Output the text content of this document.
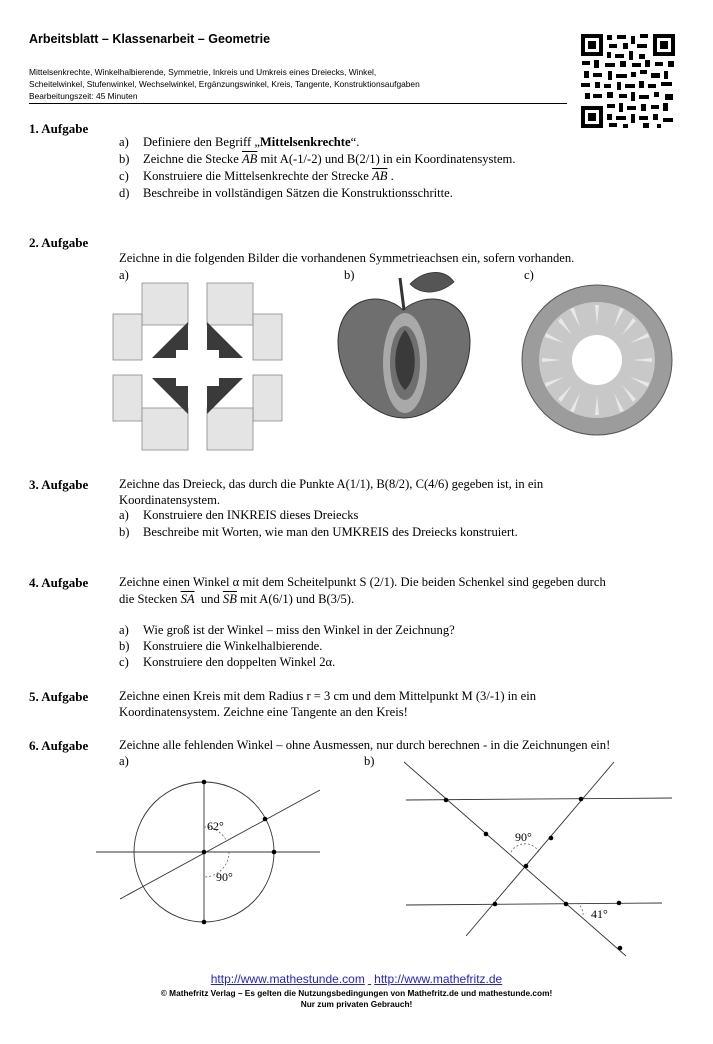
Arbeitsblatt – Klassenarbeit – Geometrie
Mittelsenkrechte, Winkelhalbierende, Symmetrie, Inkreis und Umkreis eines Dreiecks, Winkel,
Scheitelwinkel, Stufenwinkel, Wechselwinkel, Ergänzungswinkel, Kreis, Tangente, Konstruktionsaufgaben
Bearbeitungszeit: 45 Minuten
1. Aufgabe
a) Definiere den Begriff „Mittelsenkrechte“.
b) Zeichne die Stecke $\overline{AB}$ mit A(-1/-2) und B(2/1) in ein Koordinatensystem.
c) Konstruiere die Mittelsenkrechte der Strecke $\overline{AB}$ .
d) Beschreibe in vollständigen Sätzen die Konstruktionsschritte.
2. Aufgabe
Zeichne in die folgenden Bilder die vorhandenen Symmetrieachsen ein, sofern vorhanden.
a)	b)	c)
3. Aufgabe Zeichne das Dreieck, das durch die Punkte A(1/1), B(8/2), C(4/6) gegeben ist, in ein
Koordinatensystem.
a) Konstruiere den INKREIS dieses Dreiecks
b) Beschreibe mit Worten, wie man den UMKREIS des Dreiecks konstruiert.
4. Aufgabe Zeichne einen Winkel α mit dem Scheitelpunkt S (2/1). Die beiden Schenkel sind gegeben durch
die Stecken $\overline{SA}$  und $\overline{SB}$ mit A(6/1) und B(3/5).
a) Wie groß ist der Winkel – miss den Winkel in der Zeichnung?
b) Konstruiere die Winkelhalbierende.
c) Konstruiere den doppelten Winkel 2α.
5. Aufgabe Zeichne einen Kreis mit dem Radius r = 3 cm und dem Mittelpunkt M (3/-1) in ein
Koordinatensystem. Zeichne eine Tangente an den Kreis!
6. Aufgabe Zeichne alle fehlenden Winkel – ohne Ausmessen, nur durch berechnen - in die Zeichnungen ein!
a)	b)
62°
90°
90°
41°
http://www.mathestunde.com http://www.mathefritz.de
© Mathefritz Verlag – Es gelten die Nutzungsbedingungen von Mathefritz.de und mathestunde.com!
Nur zum privaten Gebrauch!
